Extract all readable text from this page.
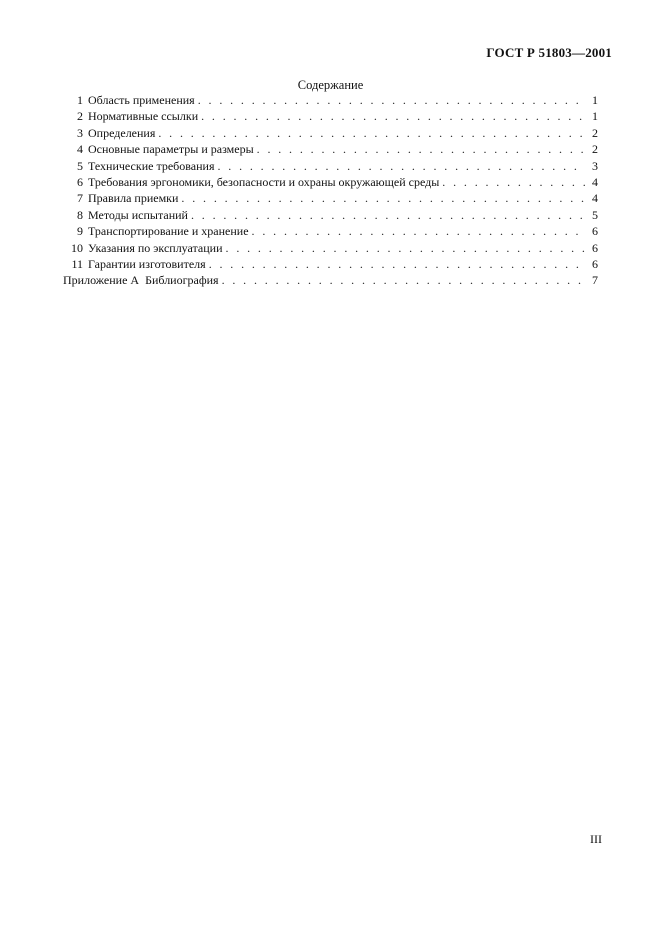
ГОСТ Р 51803—2001
Содержание
1 Область применения . . .	1
2 Нормативные ссылки . . .	1
3 Определения . . .	2
4 Основные параметры и размеры . . .	2
5 Технические требования . . .	3
6 Требования эргономики, безопасности и охраны окружающей среды . . .	4
7 Правила приемки . . .	4
8 Методы испытаний . . .	5
9 Транспортирование и хранение . . .	6
10 Указания по эксплуатации . . .	6
11 Гарантии изготовителя . . .	6
Приложение А  Библиография . . .	7
III
